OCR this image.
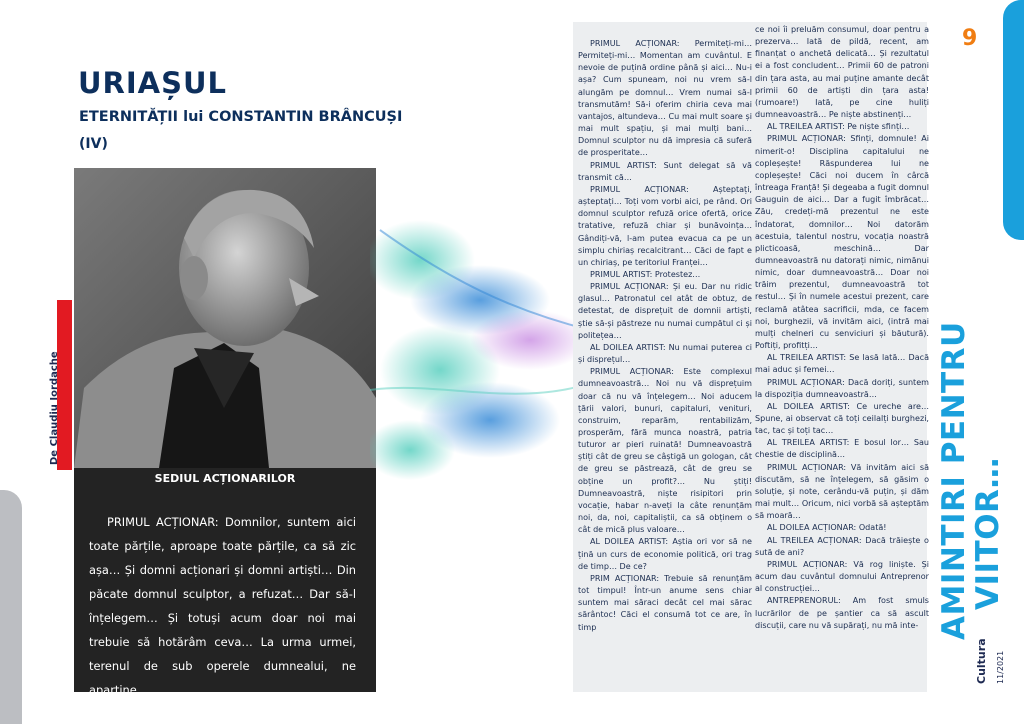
URIAȘUL
ETERNITĂȚII lui CONSTANTIN BRÂNCUȘI
(IV)
De Claudiu Iordache
SEDIUL ACȚIONARILOR

PRIMUL ACȚIONAR: Domnilor, suntem aici toate părțile, aproape toate părțile, ca să zic așa… Și domni acționari și domni artiști… Din păcate domnul sculptor, a refuzat… Dar să-l înțelegem… Și totuși acum doar noi mai trebuie să hotărâm ceva… La urma urmei, terenul de sub operele dumnealui, ne aparține…

PRIMUL ARTIST: Să nu o luăm chiar așa…

PRIMUL ACȚIONAR: Permiteți-mi… Permiteți-mi… Momentan am cuvântul. E nevoie de puțină ordine până și aici… Nu-i așa? Cum spuneam, noi nu vrem să-l alungăm pe domnul… Vrem numai să-l transmutăm! Să-i oferim chiria ceva mai vantajos, altundeva… Cu mai mult soare și mai mult spațiu, și mai mulți bani… Domnul sculptor nu dă impresia că suferă de prosperitate…

PRIMUL ARTIST: Sunt delegat să vă transmit că…

PRIMUL ACȚIONAR: Așteptați, așteptați… Toți vom vorbi aici, pe rând. Ori domnul sculptor refuză orice ofertă, orice tratative, refuză chiar și bunăvoința… Gândiți-vă, l-am putea evacua ca pe un simplu chiriaș recalcitrant… Căci de fapt e un chiriaș, pe teritoriul Franței…

PRIMUL ARTIST: Protestez…

PRIMUL ACȚIONAR: Și eu. Dar nu ridic glasul… Patronatul cel atât de obtuz, de detestat, de disprețuit de domnii artiști, știe să-și păstreze nu numai cumpătul ci și politețea…

AL DOILEA ARTIST: Nu numai puterea ci și disprețul…

PRIMUL ACȚIONAR: Este complexul dumneavoastră… Noi nu vă disprețuim doar că nu vă înțelegem… Noi aducem țării valori, bunuri, capitaluri, venituri, construim, reparăm, rentabilizăm, prosperăm, fără munca noastră, patria tuturor ar pieri ruinată! Dumneavoastră știți cât de greu se câștigă un gologan, cât de greu se păstrează, cât de greu se obține un profit?… Nu știți! Dumneavoastră, niște risipitori prin vocație, habar n-aveți la câte renunțăm noi, da, noi, capitaliștii, ca să obținem o cât de mică plus valoare…

AL DOILEA ARTIST: Aștia ori vor să ne țină un curs de economie politică, ori trag de timp… De ce?

PRIM ACȚIONAR: Trebuie să renunțăm tot timpul! Într-un anume sens chiar suntem mai săraci decât cel mai sărac sărântoc! Căci el consumă tot ce are, în timp

ce noi îi preluăm consumul, doar pentru a prezerva… Iată de pildă, recent, am finanțat o anchetă delicată… Și rezultatul ei a fost concludent… Primii 60 de patroni din țara asta, au mai puține amante decât primii 60 de artiști din țara asta! (rumoare!) Iată, pe cine huliți dumneavoastră… Pe niște abstinenți…

AL TREILEA ARTIST: Pe niște sfinți…

PRIMUL ACȚIONAR: Sfinți, domnule! Ai nimerit-o! Disciplina capitalului ne copleșește! Răspunderea lui ne copleșește! Căci noi ducem în cârcă întreaga Franță! Și degeaba a fugit domnul Gauguin de aici… Dar a fugit îmbrăcat… Zău, credeți-mă prezentul ne este îndatorat, domnilor… Noi datorăm acestuia, talentul nostru, vocația noastră plicticoasă, meschină… Dar dumneavoastră nu datorați nimic, nimănui nimic, doar dumneavoastră… Doar noi trăim prezentul, dumneavoastră tot restul… Și în numele acestui prezent, care reclamă atâtea sacrificii, mda, ce facem noi, burghezii, vă invităm aici, (intră mai mulți chelneri cu senviciuri și băutură). Poftiți, profitți…

AL TREILEA ARTIST: Se lasă lată… Dacă mai aduc și femei…

PRIMUL ACȚIONAR: Dacă doriți, suntem la dispoziția dumneavoastră…

AL DOILEA ARTIST: Ce ureche are… Spune, ai observat că toți ceilalți burghezi, tac, tac și toți tac…

AL TREILEA ARTIST: E bosul lor… Sau chestie de disciplină…

PRIMUL ACȚIONAR: Vă invităm aici să discutăm, să ne înțelegem, să găsim o soluție, și note, cerându-vă puțin, și dăm mai mult… Oricum, nici vorbă să așteptăm să moară…

AL DOILEA ACȚIONAR: Odată!

AL TREILEA ACȚIONAR: Dacă trăiește o sută de ani?

PRIMUL ACȚIONAR: Vă rog liniște. Și acum dau cuvântul domnului Antreprenor al construcției…

ANTREPRENORUL: Am fost smuls lucrărilor de pe șantier ca să ascult discuții, care nu vă supărați, nu mă inte-

9
AMINTIRI PENTRU
VIITOR…
Cultura 11/2021
